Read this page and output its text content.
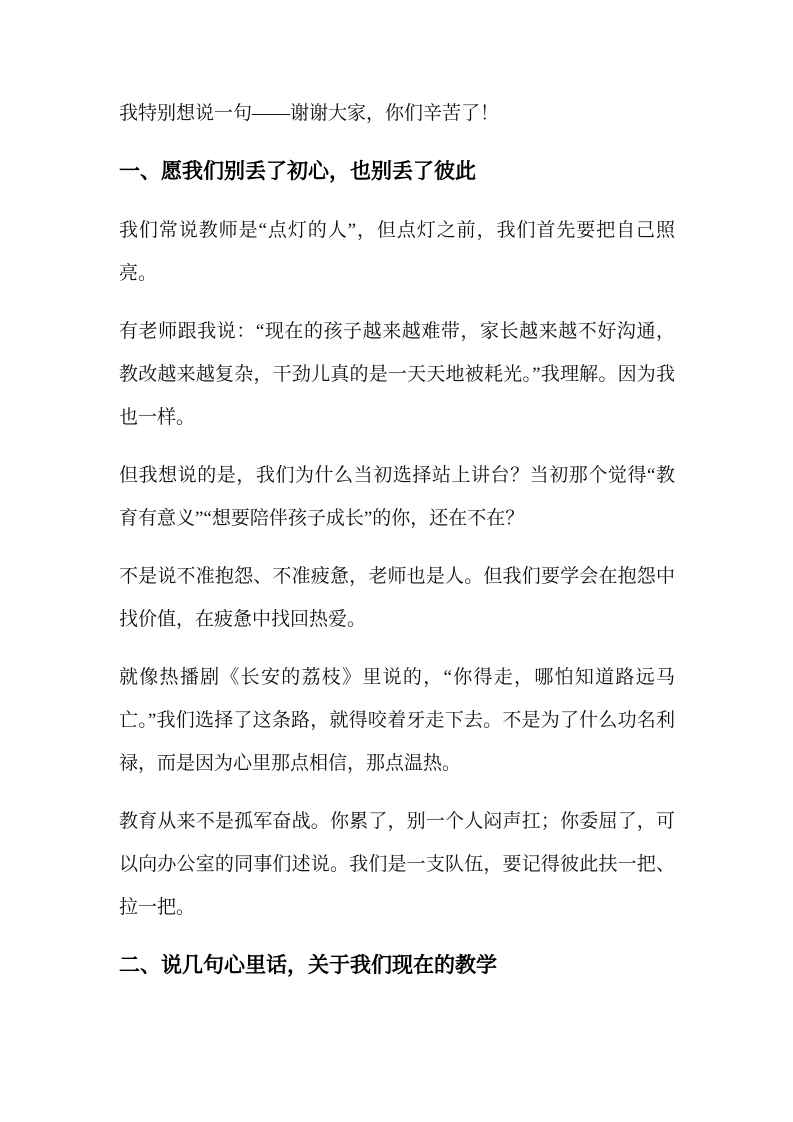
我特别想说一句——谢谢大家，你们辛苦了！

一、愿我们别丢了初心，也别丢了彼此

我们常说教师是“点灯的人”，但点灯之前，我们首先要把自己照亮。

有老师跟我说：“现在的孩子越来越难带，家长越来越不好沟通，教改越来越复杂，干劲儿真的是一天天地被耗光。”我理解。因为我也一样。

但我想说的是，我们为什么当初选择站上讲台？当初那个觉得“教育有意义”“想要陪伴孩子成长”的你，还在不在？

不是说不准抱怨、不准疲惫，老师也是人。但我们要学会在抱怨中找价值，在疲惫中找回热爱。

就像热播剧《长安的荔枝》里说的，“你得走，哪怕知道路远马亡。”我们选择了这条路，就得咬着牙走下去。不是为了什么功名利禄，而是因为心里那点相信，那点温热。

教育从来不是孤军奋战。你累了，别一个人闷声扛；你委屈了，可以向办公室的同事们述说。我们是一支队伍，要记得彼此扶一把、拉一把。

二、说几句心里话，关于我们现在的教学
